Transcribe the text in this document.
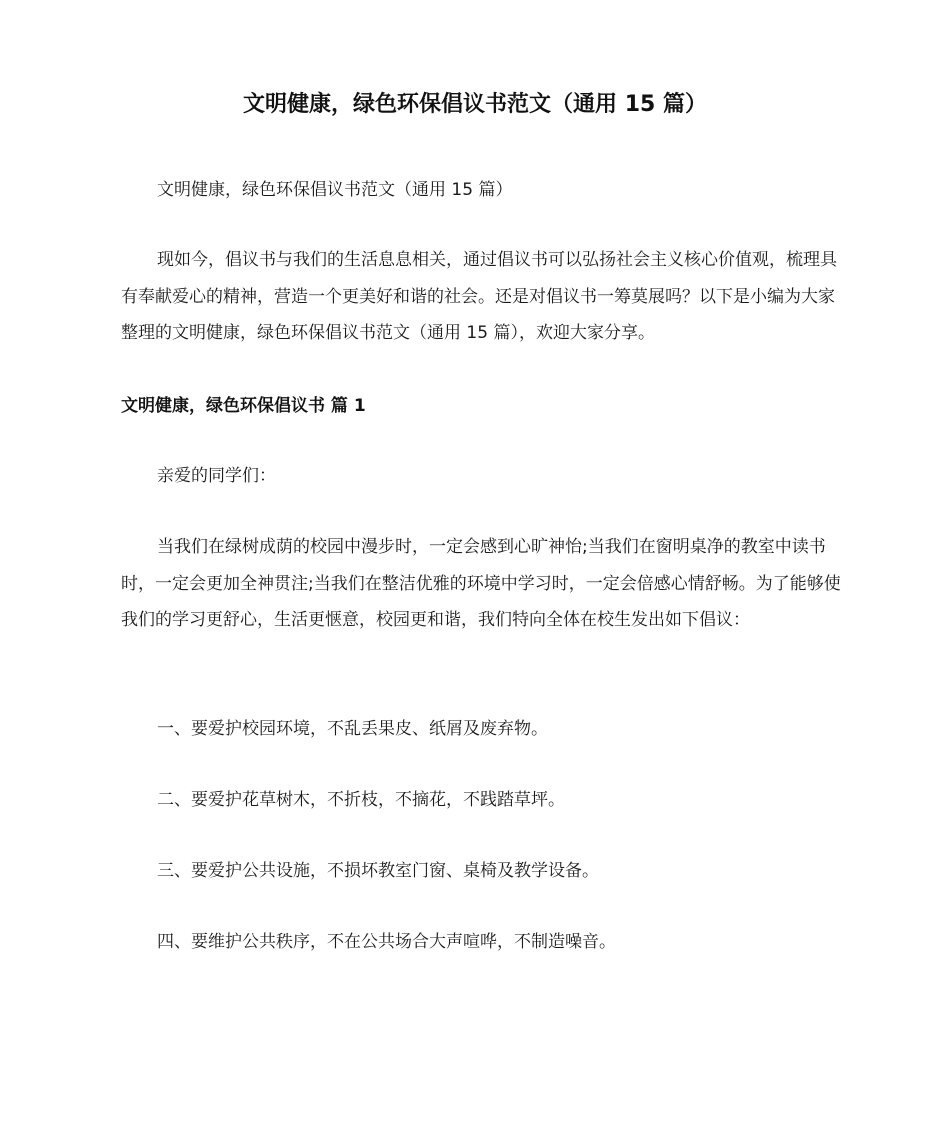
文明健康，绿色环保倡议书范文（通用 15 篇）

文明健康，绿色环保倡议书范文（通用 15 篇）

现如今，倡议书与我们的生活息息相关，通过倡议书可以弘扬社会主义核心价值观，梳理具有奉献爱心的精神，营造一个更美好和谐的社会。还是对倡议书一筹莫展吗？以下是小编为大家整理的文明健康，绿色环保倡议书范文（通用 15 篇），欢迎大家分享。

文明健康，绿色环保倡议书 篇 1

亲爱的同学们：

当我们在绿树成荫的校园中漫步时，一定会感到心旷神怡;当我们在窗明桌净的教室中读书时，一定会更加全神贯注;当我们在整洁优雅的环境中学习时，一定会倍感心情舒畅。为了能够使我们的学习更舒心，生活更惬意，校园更和谐，我们特向全体在校生发出如下倡议：

一、要爱护校园环境，不乱丢果皮、纸屑及废弃物。

二、要爱护花草树木，不折枝，不摘花，不践踏草坪。

三、要爱护公共设施，不损坏教室门窗、桌椅及教学设备。

四、要维护公共秩序，不在公共场合大声喧哗，不制造噪音。
